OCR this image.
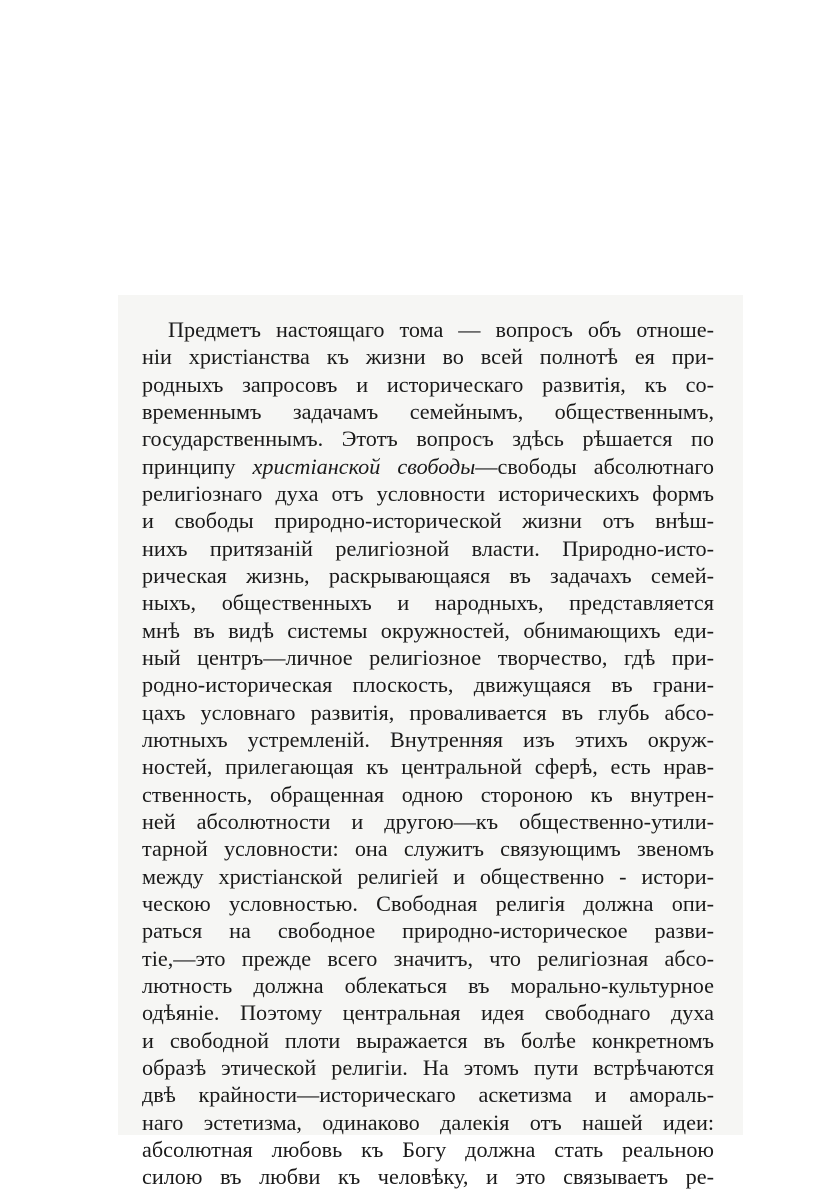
Предметъ настоящаго тома — вопросъ объ отноше-
нiи христiанства къ жизни во всей полнотѣ ея при-
родныхъ запросовъ и историческаго развитiя, къ со-
временнымъ задачамъ семейнымъ, общественнымъ,
государственнымъ. Этотъ вопросъ здѣсь рѣшается по
принципу христiанской свободы—свободы абсолютнаго
религiознаго духа отъ условности историческихъ формъ
и свободы природно-исторической жизни отъ внѣш-
нихъ притязанiй религiозной власти. Природно-исто-
рическая жизнь, раскрывающаяся въ задачахъ семей-
ныхъ, общественныхъ и народныхъ, представляется
мнѣ въ видѣ системы окружностей, обнимающихъ еди-
ный центръ—личное религiозное творчество, гдѣ при-
родно-историческая плоскость, движущаяся въ грани-
цахъ условнаго развитiя, проваливается въ глубь абсо-
лютныхъ устремленiй. Внутренняя изъ этихъ окруж-
ностей, прилегающая къ центральной сферѣ, есть нрав-
ственность, обращенная одною стороною къ внутрен-
ней абсолютности и другою—къ общественно-утили-
тарной условности: она служитъ связующимъ звеномъ
между христiанской религiей и общественно - истори-
ческою условностью. Свободная религiя должна опи-
раться на свободное природно-историческое разви-
тiе,—это прежде всего значитъ, что религiозная абсо-
лютность должна облекаться въ морально-культурное
одѣянiе. Поэтому центральная идея свободнаго духа
и свободной плоти выражается въ болѣе конкретномъ
образѣ этической религiи. На этомъ пути встрѣчаются
двѣ крайности—историческаго аскетизма и амораль-
наго эстетизма, одинаково далекiя отъ нашей идеи:
абсолютная любовь къ Богу должна стать реальною
силою въ любви къ человѣку, и это связываетъ ре-
